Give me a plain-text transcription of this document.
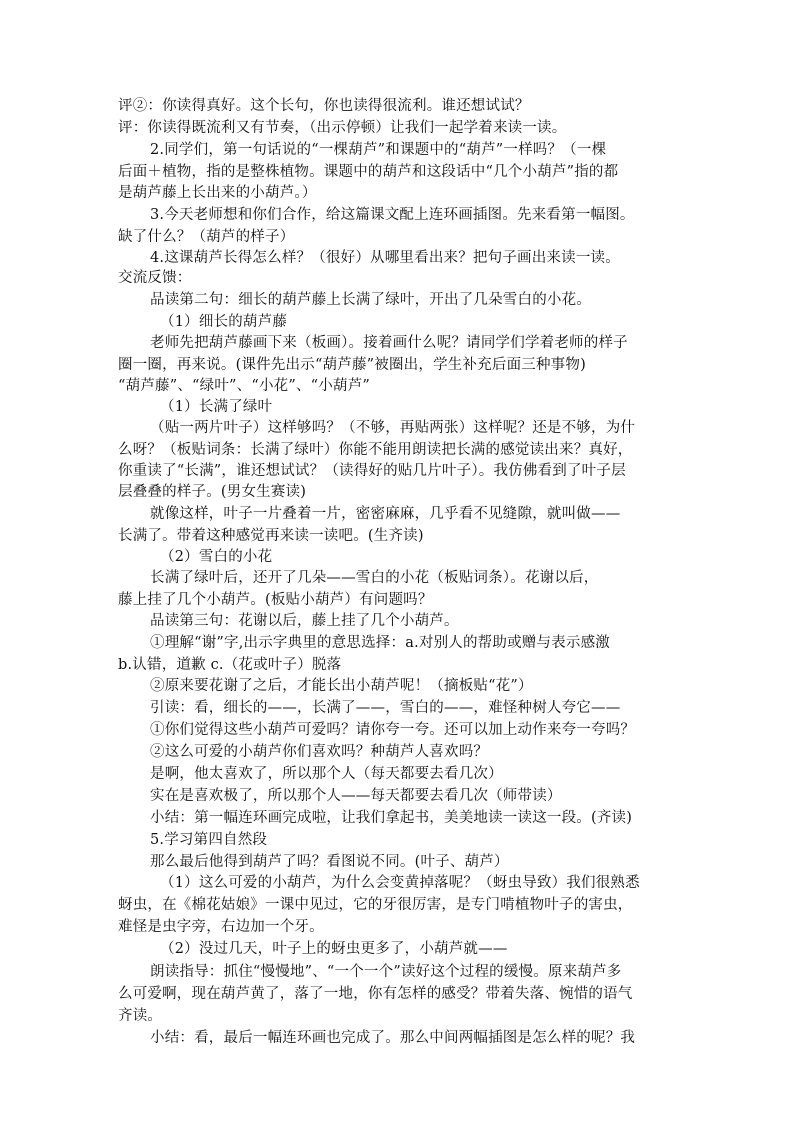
评②：你读得真好。这个长句，你也读得很流利。谁还想试试？
评：你读得既流利又有节奏，（出示停顿）让我们一起学着来读一读。
2.同学们，第一句话说的“一棵葫芦”和课题中的“葫芦”一样吗？（一棵
后面＋植物，指的是整株植物。课题中的葫芦和这段话中“几个小葫芦”指的都
是葫芦藤上长出来的小葫芦。）
3.今天老师想和你们合作，给这篇课文配上连环画插图。先来看第一幅图。
缺了什么？（葫芦的样子）
4.这课葫芦长得怎么样？（很好）从哪里看出来？把句子画出来读一读。
交流反馈：
品读第二句：细长的葫芦藤上长满了绿叶，开出了几朵雪白的小花。
（1）细长的葫芦藤
老师先把葫芦藤画下来（板画）。接着画什么呢？请同学们学着老师的样子
圈一圈，再来说。(课件先出示“葫芦藤”被圈出，学生补充后面三种事物)
“葫芦藤”、“绿叶”、“小花”、“小葫芦”
（1）长满了绿叶
（贴一两片叶子）这样够吗？（不够，再贴两张）这样呢？还是不够，为什
么呀？（板贴词条：长满了绿叶）你能不能用朗读把长满的感觉读出来？真好，
你重读了“长满”，谁还想试试？（读得好的贴几片叶子）。我仿佛看到了叶子层
层叠叠的样子。(男女生赛读)
就像这样，叶子一片叠着一片，密密麻麻，几乎看不见缝隙，就叫做——
长满了。带着这种感觉再来读一读吧。(生齐读)
（2）雪白的小花
长满了绿叶后，还开了几朵——雪白的小花（板贴词条）。花谢以后，
藤上挂了几个小葫芦。(板贴小葫芦）有问题吗？
品读第三句：花谢以后，藤上挂了几个小葫芦。
①理解“谢”字,出示字典里的意思选择：a.对别人的帮助或赠与表示感激
b.认错，道歉 c.（花或叶子）脱落
②原来要花谢了之后，才能长出小葫芦呢！（摘板贴“花”）
引读：看，细长的——，长满了——，雪白的——，难怪种树人夸它——
①你们觉得这些小葫芦可爱吗？请你夸一夸。还可以加上动作来夸一夸吗？
②这么可爱的小葫芦你们喜欢吗？种葫芦人喜欢吗？
是啊，他太喜欢了，所以那个人（每天都要去看几次）
实在是喜欢极了，所以那个人——每天都要去看几次（师带读）
小结：第一幅连环画完成啦，让我们拿起书，美美地读一读这一段。(齐读)
5.学习第四自然段
那么最后他得到葫芦了吗？看图说不同。(叶子、葫芦）
（1）这么可爱的小葫芦，为什么会变黄掉落呢？（蚜虫导致）我们很熟悉
蚜虫，在《棉花姑娘》一课中见过，它的牙很厉害，是专门啃植物叶子的害虫，
难怪是虫字旁，右边加一个牙。
（2）没过几天，叶子上的蚜虫更多了，小葫芦就——
朗读指导：抓住“慢慢地”、“一个一个”读好这个过程的缓慢。原来葫芦多
么可爱啊，现在葫芦黄了，落了一地，你有怎样的感受？带着失落、惋惜的语气
齐读。
小结：看，最后一幅连环画也完成了。那么中间两幅插图是怎么样的呢？我
